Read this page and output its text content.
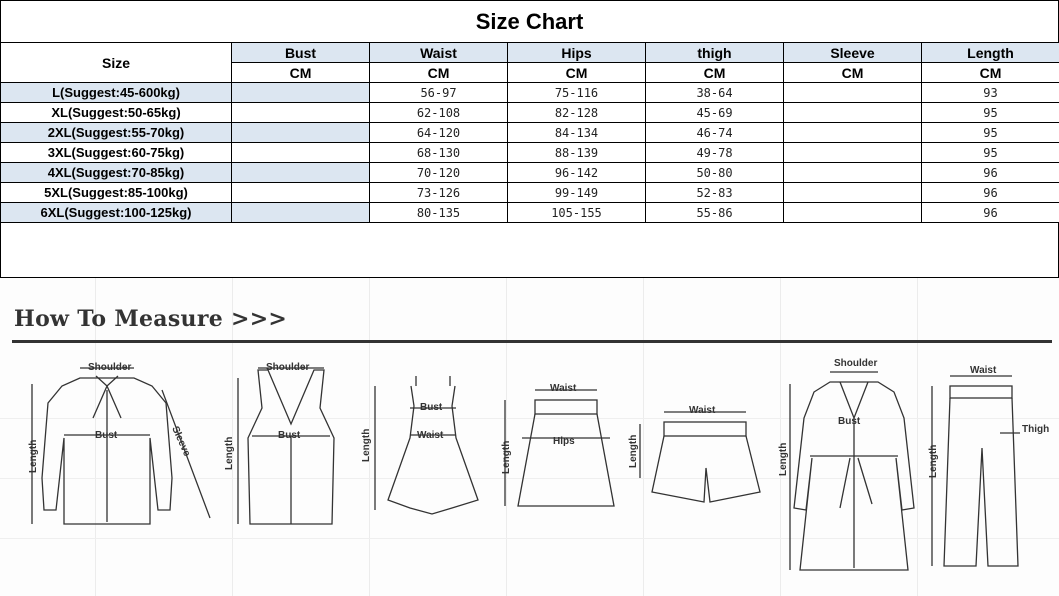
Size Chart
Size	Bust	Waist	Hips	thigh	Sleeve	Length
	CM	CM	CM	CM	CM	CM
L(Suggest:45-600kg)		56-97	75-116	38-64		93
XL(Suggest:50-65kg)		62-108	82-128	45-69		95
2XL(Suggest:55-70kg)		64-120	84-134	46-74		95
3XL(Suggest:60-75kg)		68-130	88-139	49-78		95
4XL(Suggest:70-85kg)		70-120	96-142	50-80		96
5XL(Suggest:85-100kg)		73-126	99-149	52-83		96
6XL(Suggest:100-125kg)		80-135	105-155	55-86		96
How To Measure >>>
Shoulder
Bust	Sleeve
Length
Shoulder
Bust
Length
Bust
Waist
Length
Waist
Hips
Length
Waist
Length
Shoulder
Bust
Length
Waist
Thigh
Length
